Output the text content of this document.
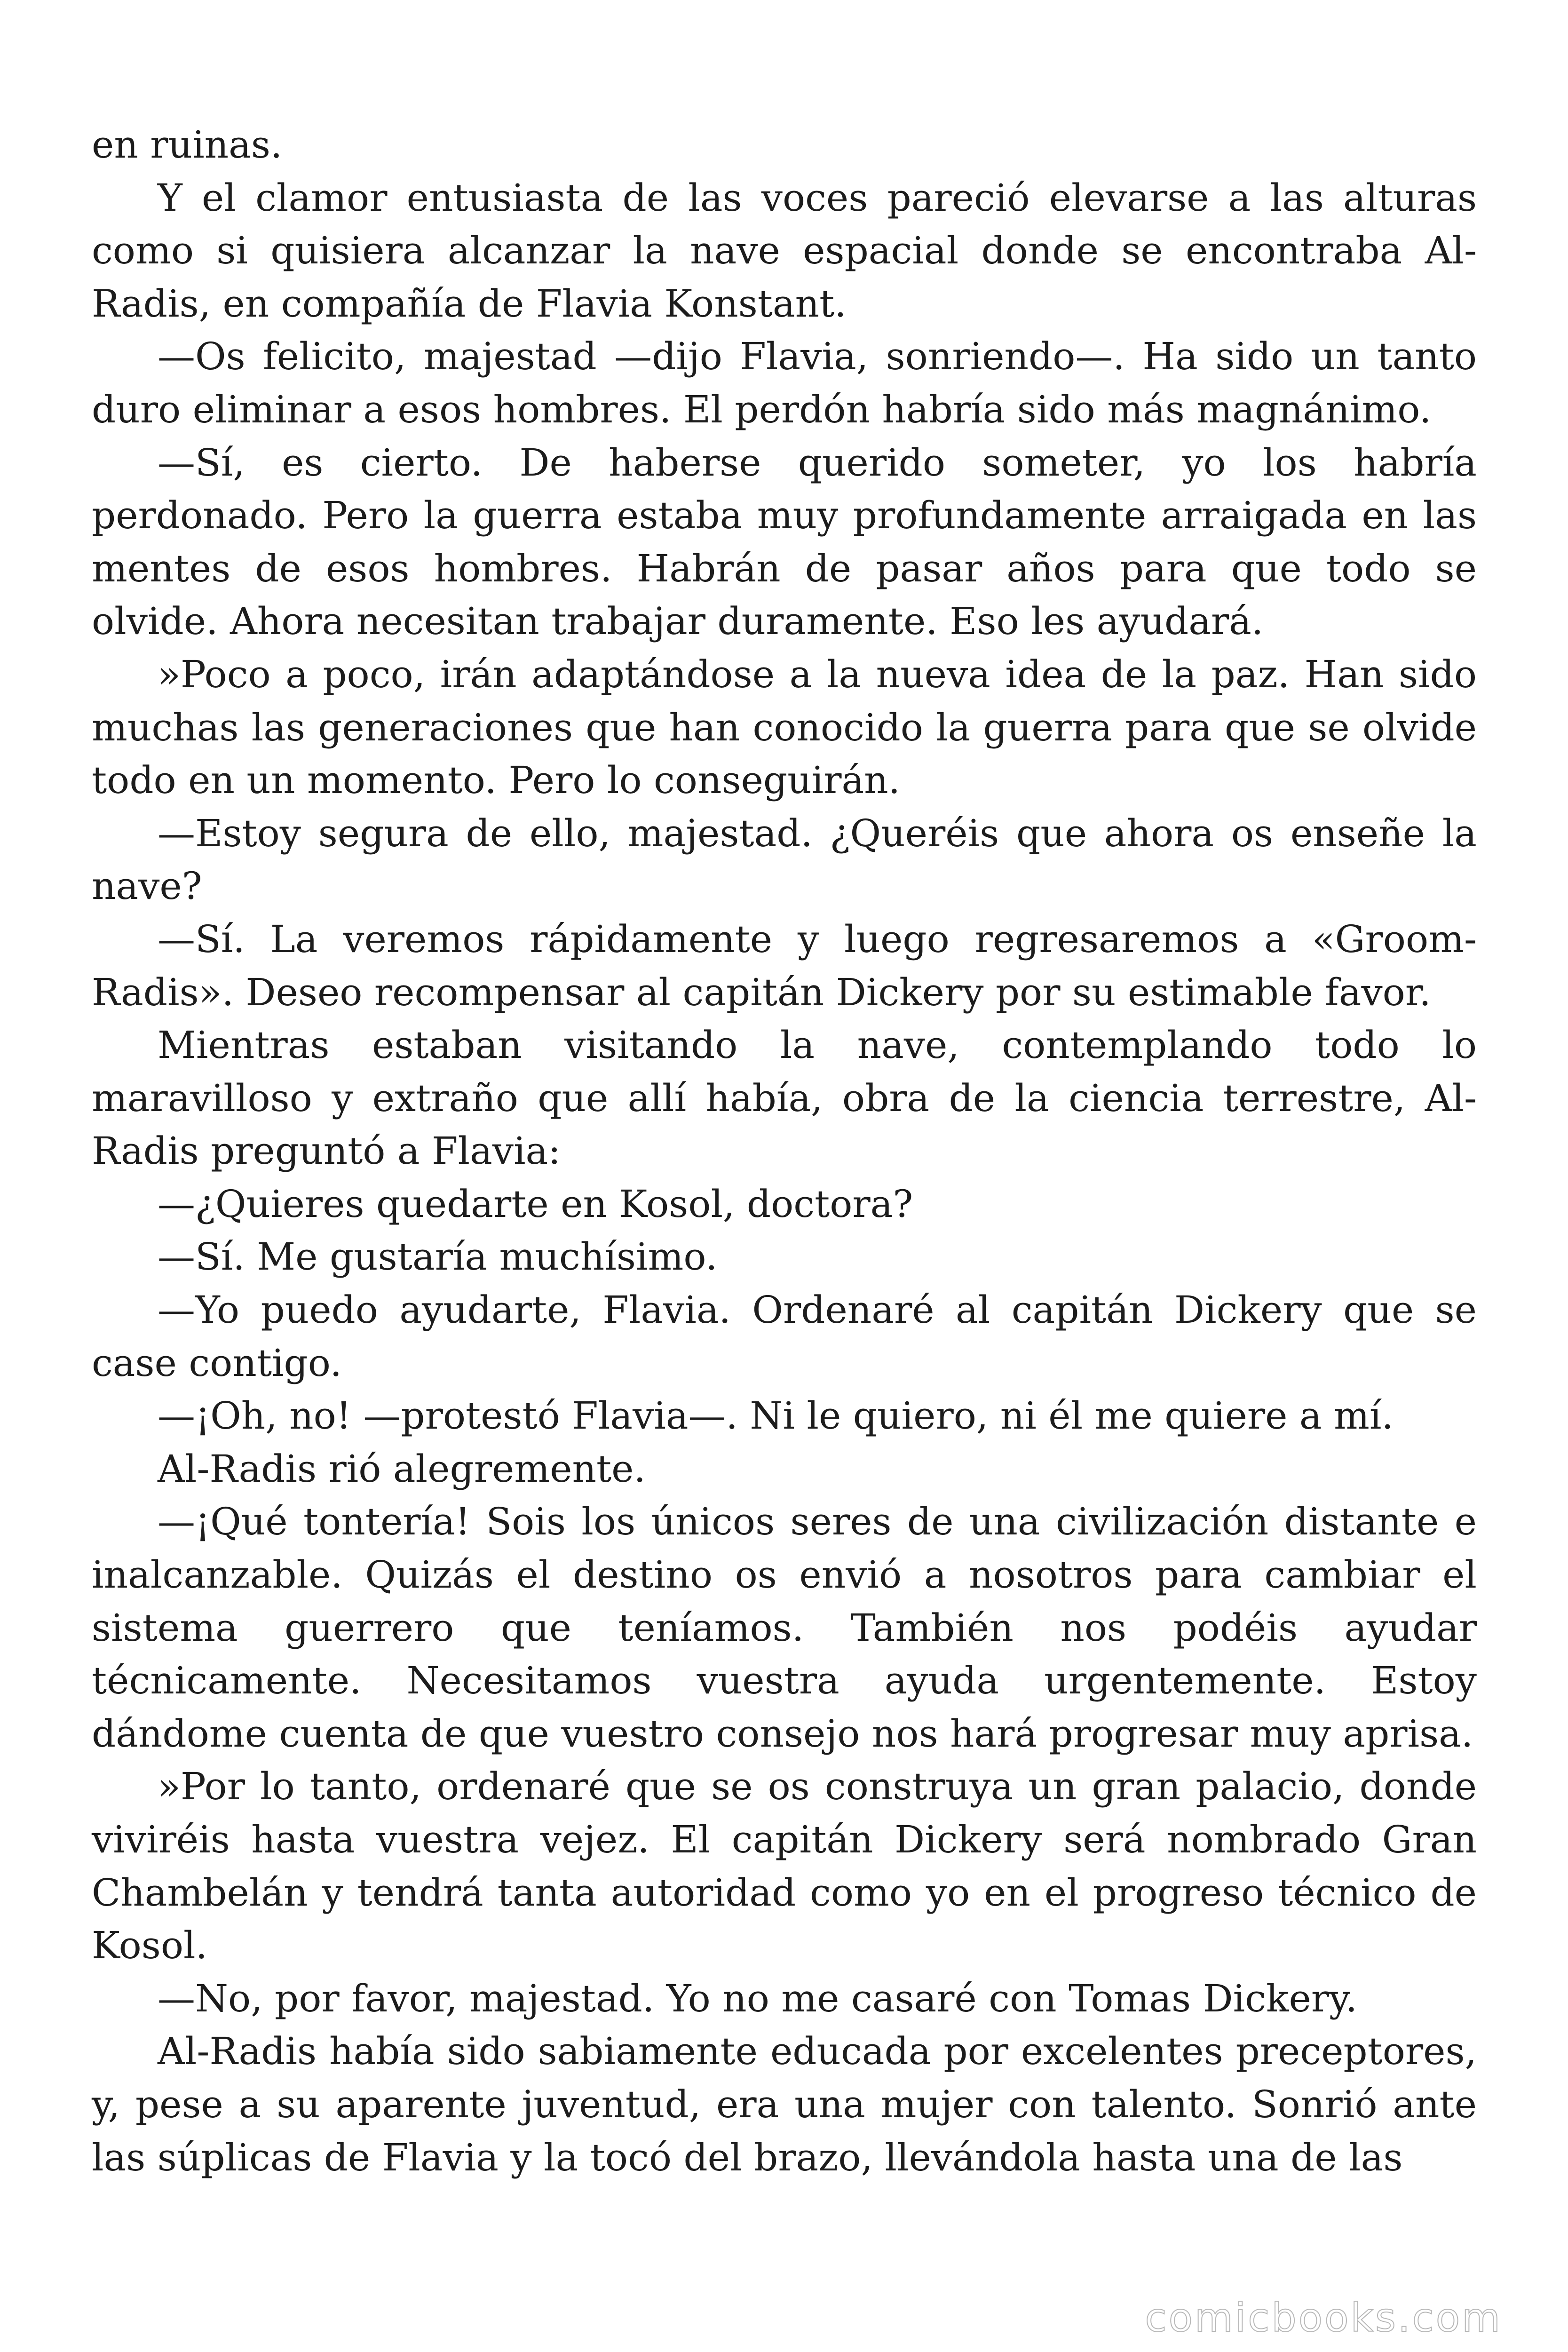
en ruinas.

Y el clamor entusiasta de las voces pareció elevarse a las alturas como si quisiera alcanzar la nave espacial donde se encontraba Al-Radis, en compañía de Flavia Konstant.

—Os felicito, majestad —dijo Flavia, sonriendo—. Ha sido un tanto duro eliminar a esos hombres. El perdón habría sido más magnánimo.

—Sí, es cierto. De haberse querido someter, yo los habría perdonado. Pero la guerra estaba muy profundamente arraigada en las mentes de esos hombres. Habrán de pasar años para que todo se olvide. Ahora necesitan trabajar duramente. Eso les ayudará.

»Poco a poco, irán adaptándose a la nueva idea de la paz. Han sido muchas las generaciones que han conocido la guerra para que se olvide todo en un momento. Pero lo conseguirán.

—Estoy segura de ello, majestad. ¿Queréis que ahora os enseñe la nave?

—Sí. La veremos rápidamente y luego regresaremos a «Groom-Radis». Deseo recompensar al capitán Dickery por su estimable favor.

Mientras estaban visitando la nave, contemplando todo lo maravilloso y extraño que allí había, obra de la ciencia terrestre, Al-Radis preguntó a Flavia:

—¿Quieres quedarte en Kosol, doctora?

—Sí. Me gustaría muchísimo.

—Yo puedo ayudarte, Flavia. Ordenaré al capitán Dickery que se case contigo.

—¡Oh, no! —protestó Flavia—. Ni le quiero, ni él me quiere a mí.

Al-Radis rió alegremente.

—¡Qué tontería! Sois los únicos seres de una civilización distante e inalcanzable. Quizás el destino os envió a nosotros para cambiar el sistema guerrero que teníamos. También nos podéis ayudar técnicamente. Necesitamos vuestra ayuda urgentemente. Estoy dándome cuenta de que vuestro consejo nos hará progresar muy aprisa.

»Por lo tanto, ordenaré que se os construya un gran palacio, donde viviréis hasta vuestra vejez. El capitán Dickery será nombrado Gran Chambelán y tendrá tanta autoridad como yo en el progreso técnico de Kosol.

—No, por favor, majestad. Yo no me casaré con Tomas Dickery.

Al-Radis había sido sabiamente educada por excelentes preceptores, y, pese a su aparente juventud, era una mujer con talento. Sonrió ante las súplicas de Flavia y la tocó del brazo, llevándola hasta una de las

comicbooks.com
